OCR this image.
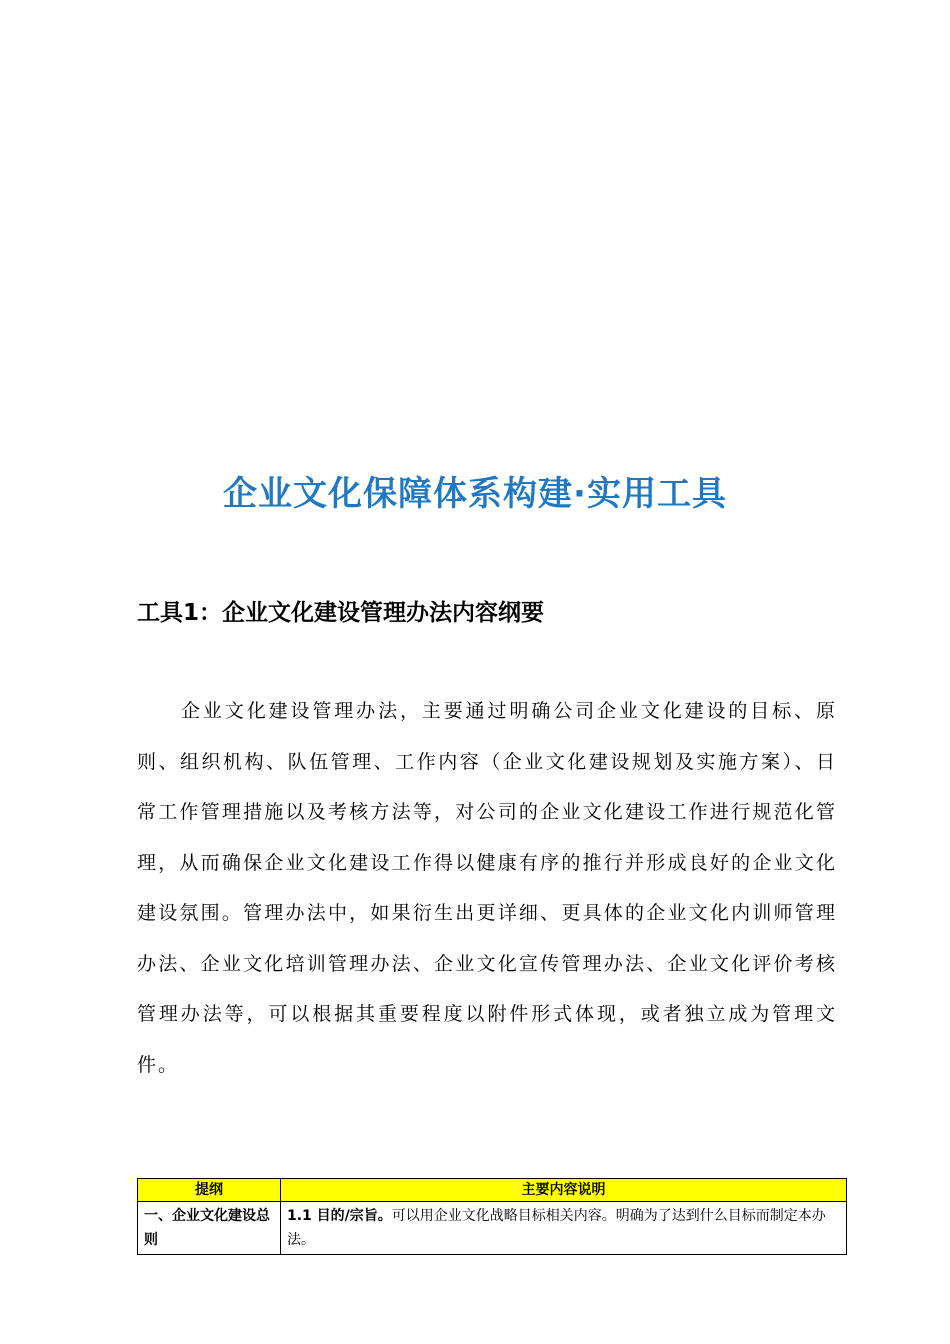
企业文化保障体系构建·实用工具
工具1：企业文化建设管理办法内容纲要

企业文化建设管理办法，主要通过明确公司企业文化建设的目标、原则、组织机构、队伍管理、工作内容（企业文化建设规划及实施方案）、日常工作管理措施以及考核方法等，对公司的企业文化建设工作进行规范化管理，从而确保企业文化建设工作得以健康有序的推行并形成良好的企业文化建设氛围。管理办法中，如果衍生出更详细、更具体的企业文化内训师管理办法、企业文化培训管理办法、企业文化宣传管理办法、企业文化评价考核管理办法等，可以根据其重要程度以附件形式体现，或者独立成为管理文件。

提纲	主要内容说明
一、企业文化建设总则	1.1 目的/宗旨。可以用企业文化战略目标相关内容。明确为了达到什么目标而制定本办法。
